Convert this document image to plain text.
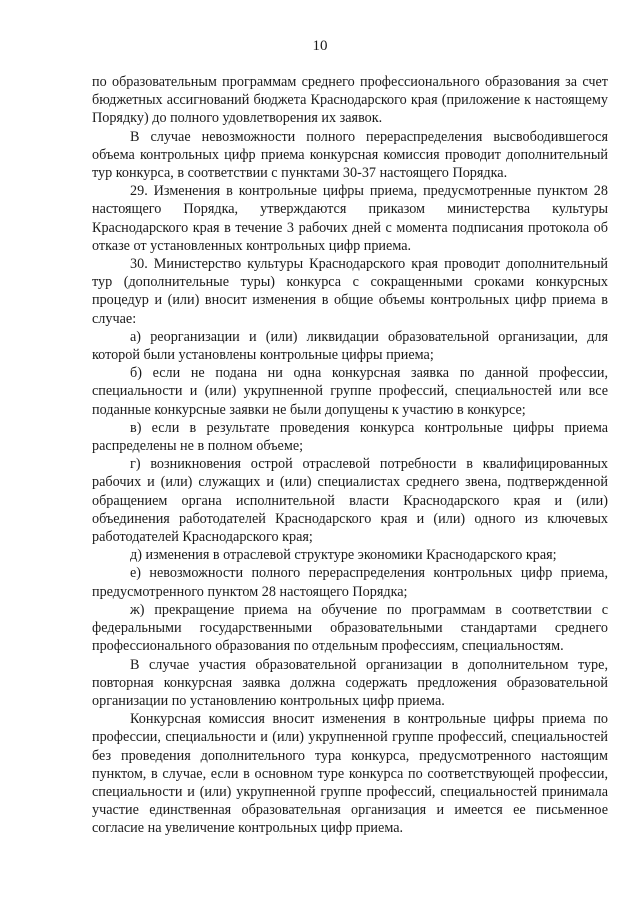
10

по образовательным программам среднего профессионального образования за счет бюджетных ассигнований бюджета Краснодарского края (приложение к настоящему Порядку) до полного удовлетворения их заявок.

В случае невозможности полного перераспределения высвободившегося объема контрольных цифр приема конкурсная комиссия проводит дополнительный тур конкурса, в соответствии с пунктами 30-37 настоящего Порядка.

29. Изменения в контрольные цифры приема, предусмотренные пунктом 28 настоящего Порядка, утверждаются приказом министерства культуры Краснодарского края в течение 3 рабочих дней с момента подписания протокола об отказе от установленных контрольных цифр приема.

30. Министерство культуры Краснодарского края проводит дополнительный тур (дополнительные туры) конкурса с сокращенными сроками конкурсных процедур и (или) вносит изменения в общие объемы контрольных цифр приема в случае:

а) реорганизации и (или) ликвидации образовательной организации, для которой были установлены контрольные цифры приема;

б) если не подана ни одна конкурсная заявка по данной профессии, специальности и (или) укрупненной группе профессий, специальностей или все поданные конкурсные заявки не были допущены к участию в конкурсе;

в) если в результате проведения конкурса контрольные цифры приема распределены не в полном объеме;

г) возникновения острой отраслевой потребности в квалифицированных рабочих и (или) служащих и (или) специалистах среднего звена, подтвержденной обращением органа исполнительной власти Краснодарского края и (или) объединения работодателей Краснодарского края и (или) одного из ключевых работодателей Краснодарского края;

д) изменения в отраслевой структуре экономики Краснодарского края;

е) невозможности полного перераспределения контрольных цифр приема, предусмотренного пунктом 28 настоящего Порядка;

ж) прекращение приема на обучение по программам в соответствии с федеральными государственными образовательными стандартами среднего профессионального образования по отдельным профессиям, специальностям.

В случае участия образовательной организации в дополнительном туре, повторная конкурсная заявка должна содержать предложения образовательной организации по установлению контрольных цифр приема.

Конкурсная комиссия вносит изменения в контрольные цифры приема по профессии, специальности и (или) укрупненной группе профессий, специальностей без проведения дополнительного тура конкурса, предусмотренного настоящим пунктом, в случае, если в основном туре конкурса по соответствующей профессии, специальности и (или) укрупненной группе профессий, специальностей принимала участие единственная образовательная организация и имеется ее письменное согласие на увеличение контрольных цифр приема.
